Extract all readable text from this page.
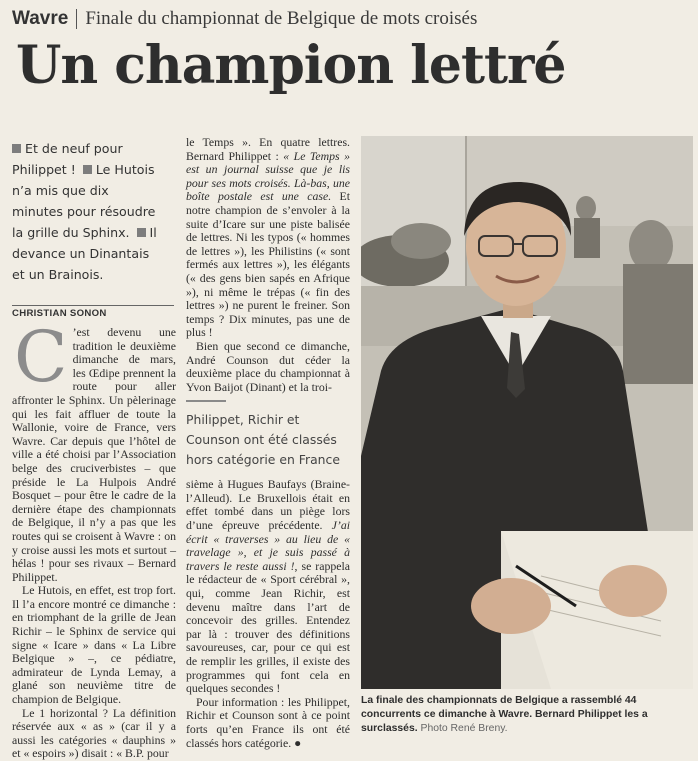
Wavre Finale du championnat de Belgique de mots croisés
Un champion lettré
Et de neuf pour Philippet ! Le Hutois n’a mis que dix minutes pour résoudre la grille du Sphinx. Il devance un Dinantais et un Brainois.
CHRISTIAN SONON

C ’est devenu une tradition le deuxième dimanche de mars, les Œdipe prennent la route pour aller affronter le Sphinx. Un pèlerinage qui les fait affluer de toute la Wallonie, voire de France, vers Wavre. Car depuis que l’hôtel de ville a été choisi par l’Association belge des cruciverbistes – que préside le La Hulpois André Bosquet – pour être le cadre de la dernière étape des championnats de Belgique, il n’y a pas que les routes qui se croisent à Wavre : on y croise aussi les mots et surtout – hélas ! pour ses rivaux – Bernard Philippet.

Le Hutois, en effet, est trop fort. Il l’a encore montré ce dimanche : en triomphant de la grille de Jean Richir – le Sphinx de service qui signe « Icare » dans « La Libre Belgique » –, ce pédiatre, admirateur de Lynda Lemay, a glané son neuvième titre de champion de Belgique.

Le 1 horizontal ? La définition réservée aux « as » (car il y a aussi les catégories « dauphins » et « espoirs ») disait : « B.P. pour

le Temps ». En quatre lettres. Bernard Philippet : « Le Temps » est un journal suisse que je lis pour ses mots croisés. Là-bas, une boîte postale est une case. Et notre champion de s’envoler à la suite d’Icare sur une piste balisée de lettres. Ni les typos (« hommes de lettres »), les Philistins (« sont fermés aux lettres »), les élégants (« des gens bien sapés en Afrique »), ni même le trépas (« fin des lettres ») ne purent le freiner. Son temps ? Dix minutes, pas une de plus !

Bien que second ce dimanche, André Counson dut céder la deuxième place du championnat à Yvon Baijot (Dinant) et la troi-

Philippet, Richir et Counson ont été classés hors catégorie en France

sième à Hugues Baufays (Braine-l’Alleud). Le Bruxellois était en effet tombé dans un piège lors d’une épreuve précédente. J’ai écrit « traverses » au lieu de « travelage », et je suis passé à travers le reste aussi !, se rappela le rédacteur de « Sport cérébral », qui, comme Jean Richir, est devenu maître dans l’art de concevoir des grilles. Entendez par là : trouver des définitions savoureuses, car, pour ce qui est de remplir les grilles, il existe des programmes qui font cela en quelques secondes !

Pour information : les Philippet, Richir et Counson sont à ce point forts qu’en France ils ont été classés hors catégorie. ●

La finale des championnats de Belgique a rassemblé 44 concurrents ce dimanche à Wavre. Bernard Philippet les a surclassés. Photo René Breny.
